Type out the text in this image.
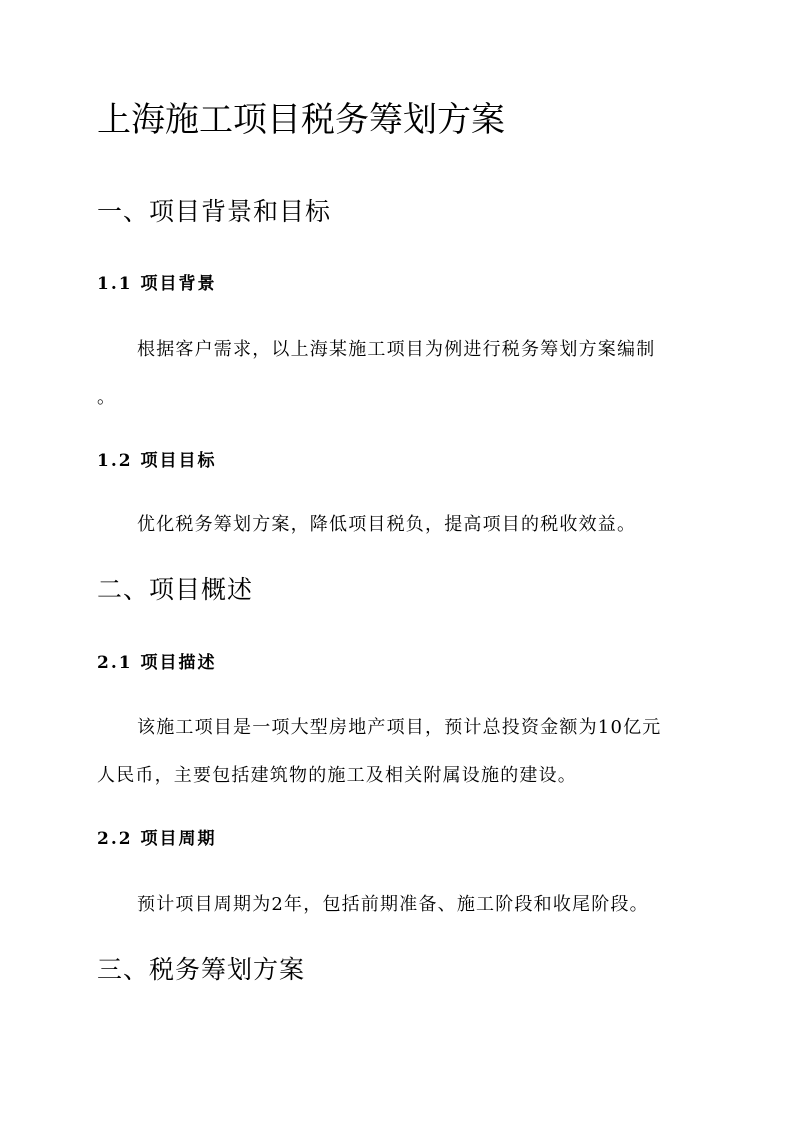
上海施工项目税务筹划方案
一、项目背景和目标
1.1 项目背景

根据客户需求，以上海某施工项目为例进行税务筹划方案编制
。

1.2 项目目标

优化税务筹划方案，降低项目税负，提高项目的税收效益。

二、项目概述
2.1 项目描述

该施工项目是一项大型房地产项目，预计总投资金额为10亿元
人民币，主要包括建筑物的施工及相关附属设施的建设。

2.2 项目周期

预计项目周期为2年，包括前期准备、施工阶段和收尾阶段。

三、税务筹划方案
